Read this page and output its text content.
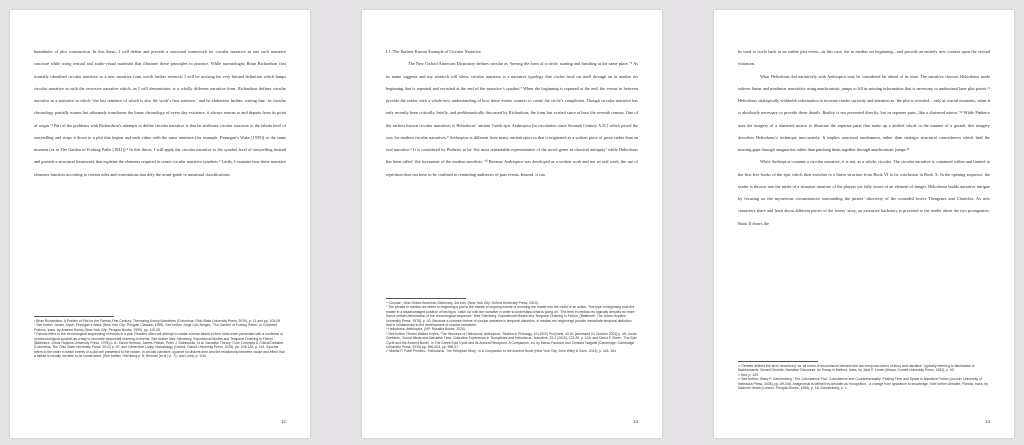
boundaries of plot construction. In this thesis, I will define and provide a structural framework for circular narrative as one such narrative structure while using textual and audio-visual materials that illustrate these principles in practice. While narratologist Brian Richardson first formally identified circular narrative as a new narrative form worth further research, I will be revising his very limited definition which lumps circular narrative in with the recursive narrative which, as I will demonstrate, is a wholly different narrative form. Richardson defines circular narrative as a narrative in which ‘the last sentence of which is also the work’s first sentence,’ and he elaborates further, writing that ‘its circular chronology partially mimes but ultimately transforms the linear chronology of every day existence, it always returns to and departs from its point of origin.’³ Part of the problems with Richardson’s attempts to define circular narrative is that he attributes circular structure to the fabula level of storytelling and strips it down to a plot that begins and ends either with the same sentence (for example, Finnegan’s Wake [1939]) or the same moment (as in The Garden of Forking Paths [1941]).⁴ In this thesis, I will apply the circular narrative to the syuzhet level of storytelling instead and provide a structural framework that explains the elements required to create circular narrative syuzhets.⁵ Lastly, I examine how these narrative elements function according to certain rules and conventions that defy the avant-garde or unnatural classifications.

³ Brian Richardson, A Poetics of Plot for the Twenty-First Century: Theorizing Unruly Narratives (Columbus: Ohio State University Press, 2019), p. 11 and pp. 104-05.

⁴ See further James Joyce, Finnegan’s Wake (New York City: Penguin Classics, 1999). See further Jorge Luis Borges, ‘The Garden of Forking Paths’, in Collected Fictions, trans. by Andrew Hurley (New York City: Penguin Books, 1999), pp. 119-28.

⁵ Fabula refers to the chronological sequencing of events in a plot. Readers often will attempt to create a linear fabula in their mind when presented with a nonlinear or nonchronological syuzhet as a way to reconcile sequential ordering of events. See further Meir Sternberg, Expositional Modes and Temporal Ordering in Fiction (Baltimore: Johns Hopkins University Press, 1978) p. 8.; David Herman, James Phelan, Peter J. Rabinowitz, et al. Narrative Theory: Core Concepts & Critical Debates (Columbus: The Ohio State University Press, 2012) p. 57; and Genevieve Lively, Narratology (Oxford: Oxford University Press, 2019), pp. 108-134, p. 116. Syuzhet refers to the order in which events of a plot are presented to the reader. In circular narrative, syuzhet so distorts time and the relationship between cause and effect that a fabula is usually not able to be constructed. (See further, Sternberg p. 8; Herman (et al.) p. 71; and Lively, p. 116).

12

I.1. The Earliest Known Example of Circular Narrative

The New Oxford American Dictionary defines circular as “having the form of a circle: starting and finishing at the same place.”⁶ As its name suggests and my research will show, circular narrative is a narrative typology that circles back on itself through an in medias res beginning that is repeated and revisited at the end of the narrative’s syuzhet.⁷ When the beginning is repeated at the end, the events in between provide the reader with a whole new understanding of how these events connect to create the circle’s completion. Though circular narrative has only recently been critically, briefly, and problematically discussed by Richardson, the form has existed since at least the seventh century. One of the earliest known circular narratives is Heliodorus’ ancient Greek epic Aethiopica [in circulation since Seventh Century A.D.] which paved the way for modern circular narratives.⁸ Aethiopica is different from many ancient epics in that it originated as a written piece of prose rather than an oral narrative.⁹ It is considered by Pinheiro to be ‘the most remarkable representative of the novel genre in classical antiquity’ while Heliodorus has been called ‘the forerunner of the modern novelists.’¹⁰ Because Aethiopica was developed as a written work and not an oral work, the use of repetition does not have to be confined to reminding audiences of past events. Instead, it can

⁶ ‘Circular’, New Oxford American Dictionary, 3rd edn. (New York City: Oxford University Press, 2010).

⁷ The phrase in medias res refers to beginning a plot in the middle of ongoing events or throwing the reader into the midst of an action. This type of beginning puts the reader in a disadvantaged position of having to ‘catch up’ with the narrative in order to understand what is going on. ‘The term in medias res logically denotes no more than a certain deformation of the chronological sequence.’ Meir Sternberg, Expositional Modes and Temporal Ordering in Fiction, (Baltimore: The Johns Hopkins University Press, 1978), p. 40. Because a common theme of circular narrative is temporal distortion, in medias res beginnings provide immediate temporal distortion that is fundamental to the development of circular narratives.

⁸ Heliodorus, Aethiopica, (NP: Rusalka Books, 2020).

⁹ See further Clinton Walker Keyes, ‘The Structure of Heliodorus’ Aethiopica’, Studies in Philology, 19 (1922) ProQuest, 42-51 [accessed 04 October 2021] p. 49; Jonas Grethlein, ‘Social Minds and Narrative Time: Collective Experience in Thucydides and Heliodorus’, Narrative, 23.2 (2015), 123-39, p. 124; and David F. Elmer, ‘The Epic Cycle and the Ancient Novel’, in The Greek Epic Cycle and its Ancient Reception: A Companion, ed. by Marco Fantuzzi and Christos Tsagalis (Cambridge: Cambridge University Press, 2015) pp. 596-603, pp. 596-97.

¹⁰ Marilia P. Futre Pinheiro, ‘Heliodorus, The Ethiopian Story’, in A Companion to the Ancient Novel (New York City: John Wiley & Sons, 2014), p. 118, 164.

13

be used to circle back to an earlier plot event—in this case, the in medias res beginning—and provide an entirely new context upon the second visitation.

What Heliodorus did narratively with Aethiopica may be considered far ahead of its time. The narrative chooses Heliodorus made subvert linear and nonlinear narrativity using anachronistic jumps to fill in missing information that is necessary to understand later plot points.¹¹ Heliodorus strategically withholds information to increase reader curiosity and attention as ‘the plot is revealed…only at crucial moments, when it is absolutely necessary to provide these details. Reality is not presented directly, but in separate parts, like a shattered mirror.’¹² While Pinheiro uses the imagery of a shattered mirror to illustrate the separate parts that make up a unified whole in the manner of a gestalt, this imagery describes Heliodorus’s technique inaccurately. It implies structural randomness rather than strategic structural coincidences which heal the missing gaps through anagnorisis rather than patching them together through anachronistic jumps.¹³

While Aethiopica contains a circular narrative, it is not, as a whole, circular. The circular narrative is contained within and limited to the first five books of the epic which then switches to a linear structure from Book VI to its conclusion in Book X. In the opening sequence, the reader is thrown into the midst of a situation unaware of the players yet fully aware of an element of danger. Heliodorus builds narrative intrigue by focusing on the mysterious circumstances surrounding the pirates’ discovery of the wounded lovers Theagenes and Chariclea. As new characters share and learn about different pieces of the lovers’ story, an extensive backstory is provided to the reader about the two protagonists. Book II draws the

¹¹ Genette defines the term ‘anachrony’ as ‘all forms of discordance between the two temporal orders of story and narrative,’ typically referring to flashbacks or flashforwards. Gerard Genette, Narrative Discourse: An Essay in Method, trans. by Jane E. Lewin (Ithaca: Cornell University Press, 1983), p. 40.

¹² Ibid, p. 129.

¹³ See further, Hilary P. Dannenberg, ‘The Coincidence Plot,’ Coincidence and Counterfactuality: Plotting Time and Space in Narrative Fiction (Lincoln: University of Nebraska Press, 2008), pp. 89-108. Anagnorisis is defined by Aristotle as ‘recognition…a change from ignorance to knowledge.’ See further Aristotle, Poetics, trans. by Malcolm Heath (London: Penguin Books, 1996), p. 18; Dannenberg, p. 1.

14
